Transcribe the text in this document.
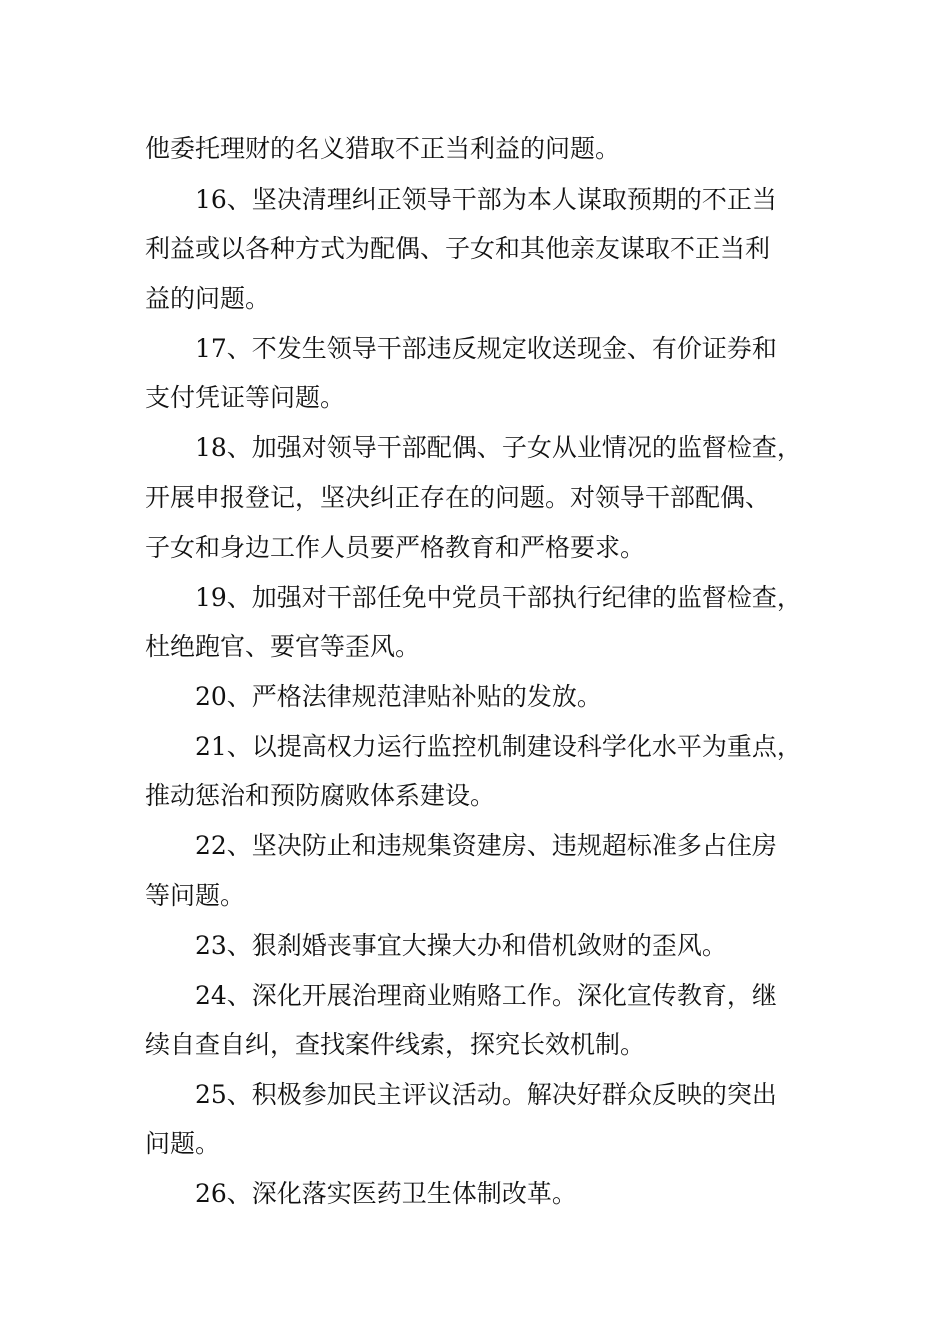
他委托理财的名义猎取不正当利益的问题。
16、坚决清理纠正领导干部为本人谋取预期的不正当
利益或以各种方式为配偶、子女和其他亲友谋取不正当利
益的问题。
17、不发生领导干部违反规定收送现金、有价证券和
支付凭证等问题。
18、加强对领导干部配偶、子女从业情况的监督检查，
开展申报登记，坚决纠正存在的问题。对领导干部配偶、
子女和身边工作人员要严格教育和严格要求。
19、加强对干部任免中党员干部执行纪律的监督检查，
杜绝跑官、要官等歪风。
20、严格法律规范津贴补贴的发放。
21、以提高权力运行监控机制建设科学化水平为重点，
推动惩治和预防腐败体系建设。
22、坚决防止和违规集资建房、违规超标准多占住房
等问题。
23、狠刹婚丧事宜大操大办和借机敛财的歪风。
24、深化开展治理商业贿赂工作。深化宣传教育，继
续自查自纠，查找案件线索，探究长效机制。
25、积极参加民主评议活动。解决好群众反映的突出
问题。
26、深化落实医药卫生体制改革。
